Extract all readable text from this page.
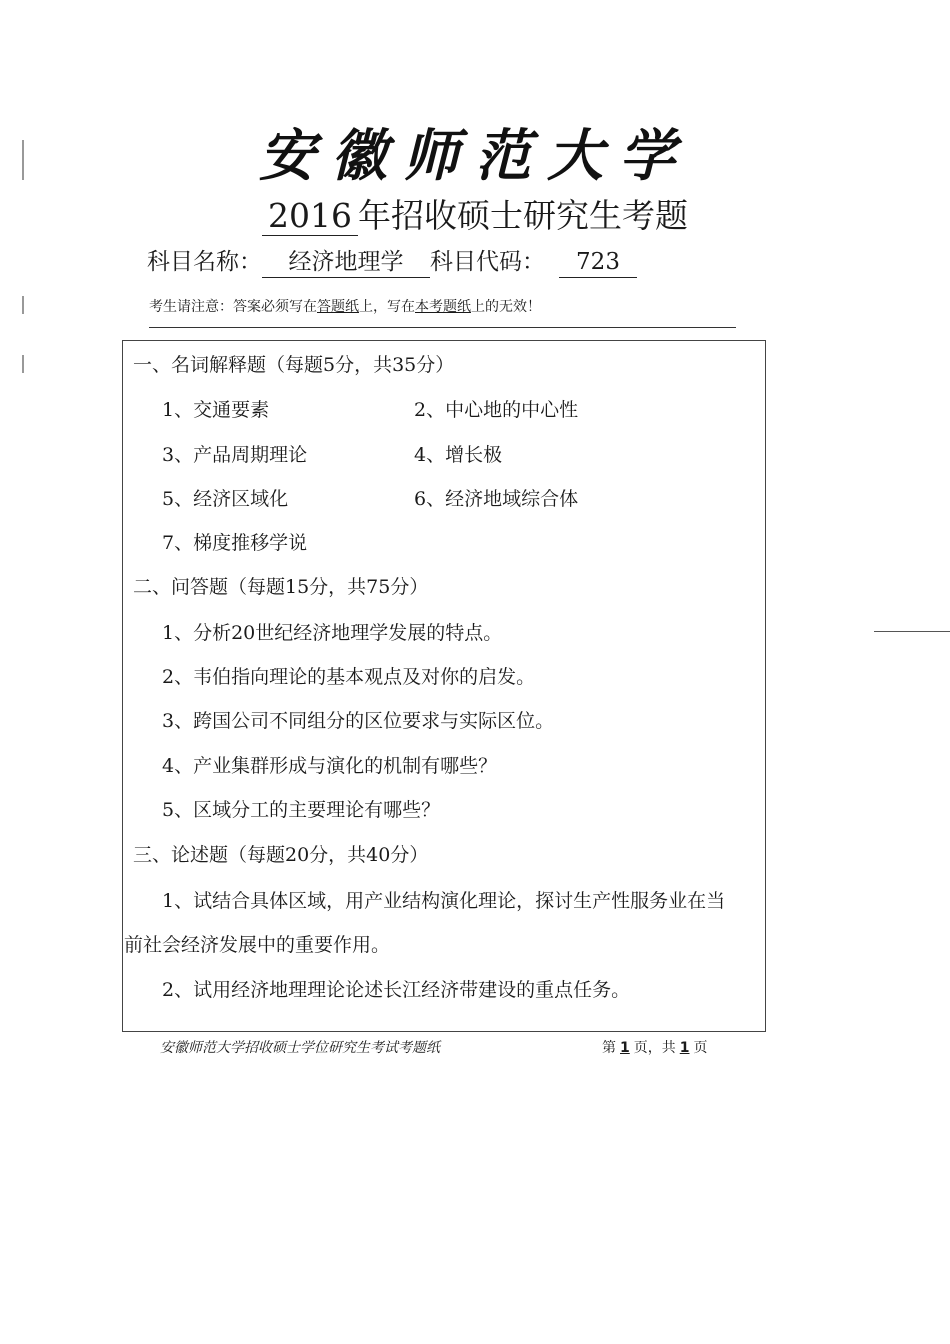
安徽师范大学
2016 年招收硕士研究生考题
科目名称： 经济地理学 科目代码： 723
考生请注意：答案必须写在答题纸上，写在本考题纸上的无效！
一、名词解释题（每题5分，共35分）
1、交通要素	2、中心地的中心性
3、产品周期理论	4、增长极
5、经济区域化	6、经济地域综合体
7、梯度推移学说
二、问答题（每题15分，共75分）
1、分析20世纪经济地理学发展的特点。
2、韦伯指向理论的基本观点及对你的启发。
3、跨国公司不同组分的区位要求与实际区位。
4、产业集群形成与演化的机制有哪些？
5、区域分工的主要理论有哪些？
三、论述题（每题20分，共40分）
1、试结合具体区域，用产业结构演化理论，探讨生产性服务业在当
前社会经济发展中的重要作用。
2、试用经济地理理论论述长江经济带建设的重点任务。
安徽师范大学招收硕士学位研究生考试考题纸	第 1 页，共 1 页
